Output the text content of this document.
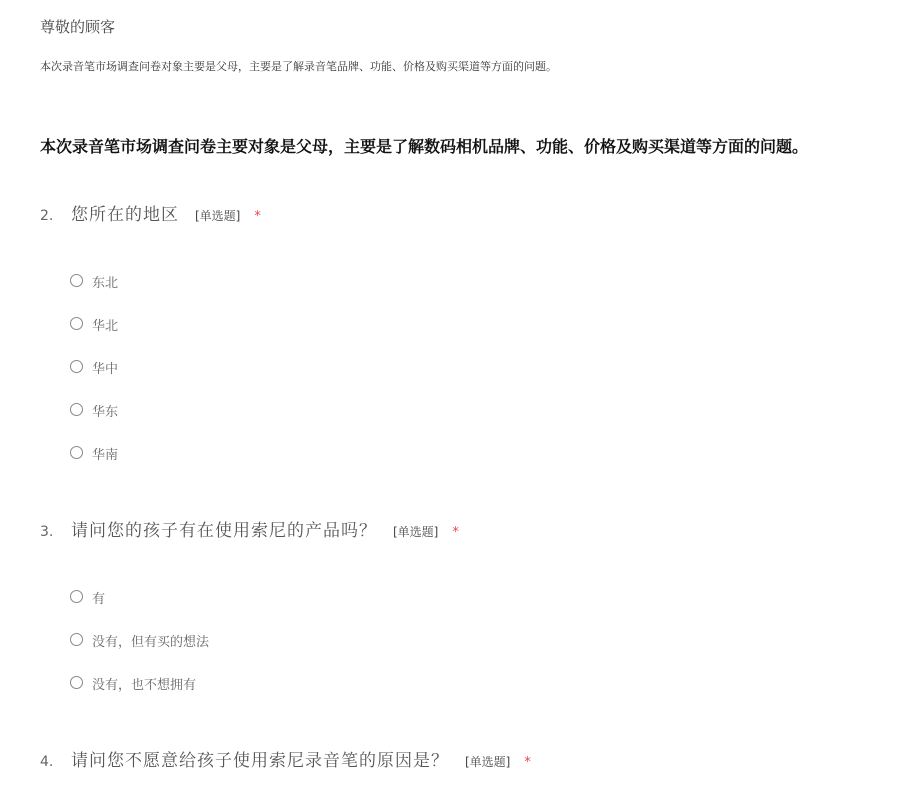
尊敬的顾客
本次录音笔市场调查问卷对象主要是父母，主要是了解录音笔品牌、功能、价格及购买渠道等方面的问题。
本次录音笔市场调查问卷主要对象是父母，主要是了解数码相机品牌、功能、价格及购买渠道等方面的问题。
2.	您所在的地区 [单选题] *
东北
华北
华中
华东
华南
3.	请问您的孩子有在使用索尼的产品吗？ [单选题] *
有
没有，但有买的想法
没有，也不想拥有
4.	请问您不愿意给孩子使用索尼录音笔的原因是？ [单选题] *
